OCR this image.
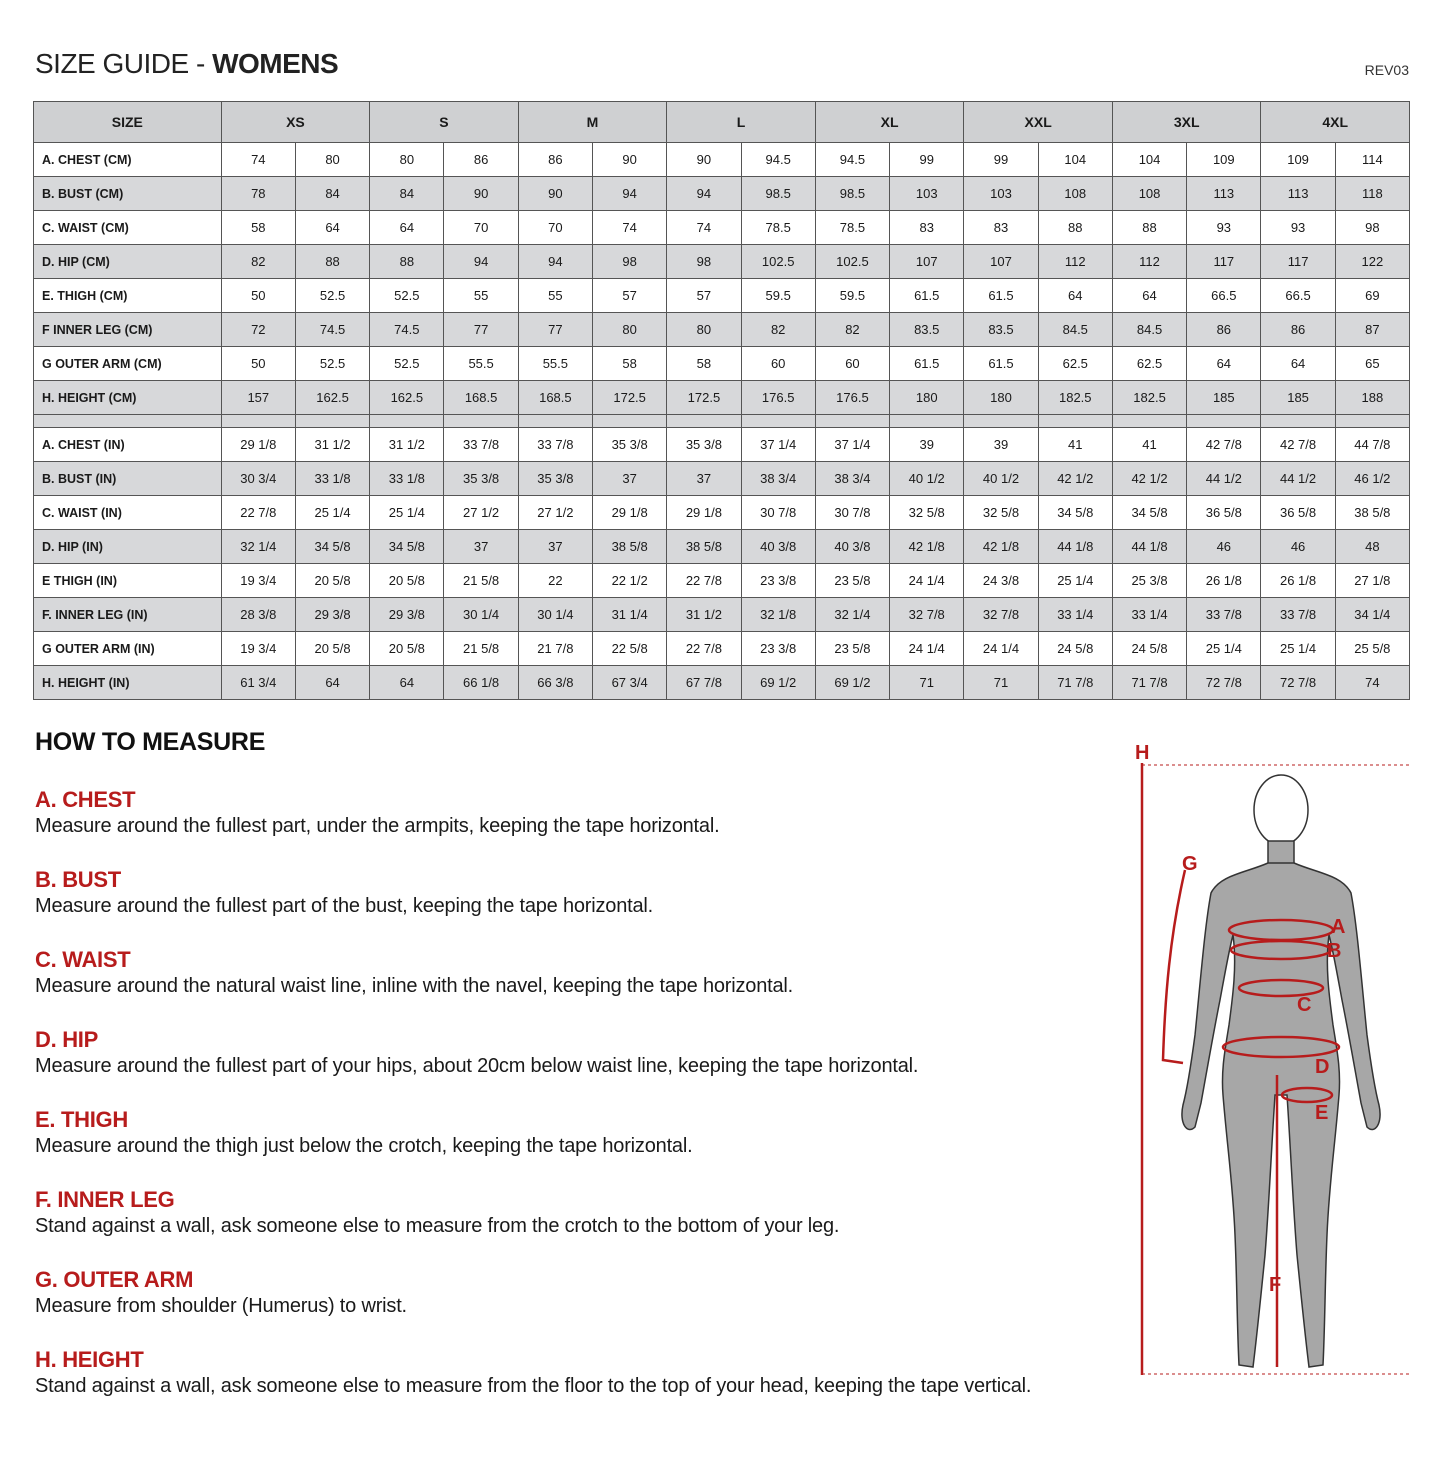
SIZE GUIDE - WOMENS	REV03
SIZE	XS		S		M		L		XL		XXL		3XL		4XL	
A. CHEST (CM)	74	80	80	86	86	90	90	94.5	94.5	99	99	104	104	109	109	114
B. BUST (CM)	78	84	84	90	90	94	94	98.5	98.5	103	103	108	108	113	113	118
C. WAIST (CM)	58	64	64	70	70	74	74	78.5	78.5	83	83	88	88	93	93	98
D. HIP (CM)	82	88	88	94	94	98	98	102.5	102.5	107	107	112	112	117	117	122
E. THIGH (CM)	50	52.5	52.5	55	55	57	57	59.5	59.5	61.5	61.5	64	64	66.5	66.5	69
F INNER LEG (CM)	72	74.5	74.5	77	77	80	80	82	82	83.5	83.5	84.5	84.5	86	86	87
G OUTER ARM (CM)	50	52.5	52.5	55.5	55.5	58	58	60	60	61.5	61.5	62.5	62.5	64	64	65
H. HEIGHT (CM)	157	162.5	162.5	168.5	168.5	172.5	172.5	176.5	176.5	180	180	182.5	182.5	185	185	188

A. CHEST (IN)	29 1/8	31 1/2	31 1/2	33 7/8	33 7/8	35 3/8	35 3/8	37 1/4	37 1/4	39	39	41	41	42 7/8	42 7/8	44 7/8
B. BUST (IN)	30 3/4	33 1/8	33 1/8	35 3/8	35 3/8	37	37	38 3/4	38 3/4	40 1/2	40 1/2	42 1/2	42 1/2	44 1/2	44 1/2	46 1/2
C. WAIST (IN)	22 7/8	25 1/4	25 1/4	27 1/2	27 1/2	29 1/8	29 1/8	30 7/8	30 7/8	32 5/8	32 5/8	34 5/8	34 5/8	36 5/8	36 5/8	38 5/8
D. HIP (IN)	32 1/4	34 5/8	34 5/8	37	37	38 5/8	38 5/8	40 3/8	40 3/8	42 1/8	42 1/8	44 1/8	44 1/8	46	46	48
E THIGH (IN)	19 3/4	20 5/8	20 5/8	21 5/8	22	22 1/2	22 7/8	23 3/8	23 5/8	24 1/4	24 3/8	25 1/4	25 3/8	26 1/8	26 1/8	27 1/8
F. INNER LEG (IN)	28 3/8	29 3/8	29 3/8	30 1/4	30 1/4	31 1/4	31 1/2	32 1/8	32 1/4	32 7/8	32 7/8	33 1/4	33 1/4	33 7/8	33 7/8	34 1/4
G OUTER ARM (IN)	19 3/4	20 5/8	20 5/8	21 5/8	21 7/8	22 5/8	22 7/8	23 3/8	23 5/8	24 1/4	24 1/4	24 5/8	24 5/8	25 1/4	25 1/4	25 5/8
H. HEIGHT (IN)	61 3/4	64	64	66 1/8	66 3/8	67 3/4	67 7/8	69 1/2	69 1/2	71	71	71 7/8	71 7/8	72 7/8	72 7/8	74
HOW TO MEASURE
A. CHEST
Measure around the fullest part, under the armpits, keeping the tape horizontal.
B. BUST
Measure around the fullest part of the bust, keeping the tape horizontal.
C. WAIST
Measure around the natural waist line, inline with the navel, keeping the tape horizontal.
D. HIP
Measure around the fullest part of your hips, about 20cm below waist line, keeping the tape horizontal.
E. THIGH
Measure around the thigh just below the crotch, keeping the tape horizontal.
F. INNER LEG
Stand against a wall, ask someone else to measure from the crotch to the bottom of your leg.
G. OUTER ARM
Measure from shoulder (Humerus) to wrist.
H. HEIGHT
Stand against a wall, ask someone else to measure from the floor to the top of your head, keeping the tape vertical.
H
G
A
B
C
D
E
F
